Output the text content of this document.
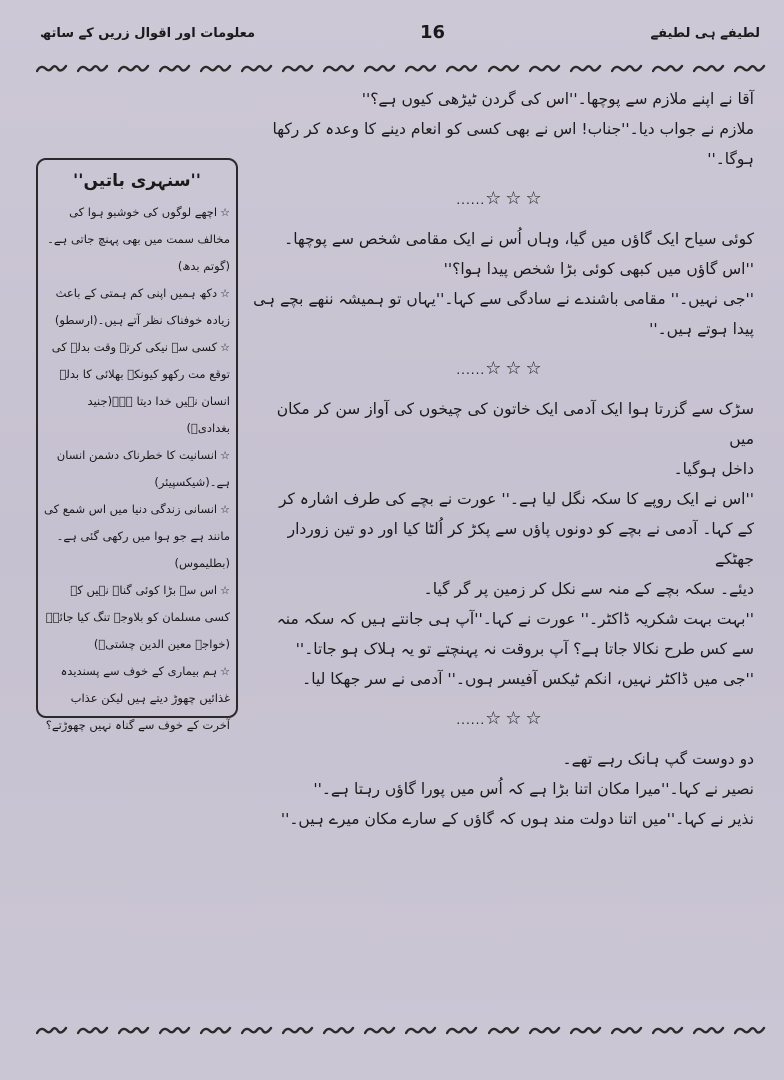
معلومات اور اقوال زریں کے ساتھ	16	لطیفے ہی لطیفے
''سنہری باتیں''
☆اچھے لوگوں کی خوشبو ہوا کی مخالف سمت میں بھی پہنچ جاتی ہے۔(گوتم بدھ)
☆دکھ ہمیں اپنی کم ہمتی کے باعث زیادہ خوفناک نظر آتے ہیں۔(ارسطو)
☆کسی سے نیکی کرتے وقت بدلے کی توقع مت رکھو کیونکہ بھلائی کا بدلہ انسان نہیں خدا دیتا ہے۔(جنید بغدادیؒ)
☆انسانیت کا خطرناک دشمن انسان ہے۔(شیکسپیئر)
☆انسانی زندگی دنیا میں اس شمع کی مانند ہے جو ہوا میں رکھی گئی ہے۔(بطلیموس)
☆اس سے بڑا کوئی گناہ نہیں کہ کسی مسلمان کو بلاوجہ تنگ کیا جائے۔(خواجہ معین الدین چشتیؒ)
☆ہم بیماری کے خوف سے پسندیدہ غذائیں چھوڑ دیتے ہیں لیکن عذاب آخرت کے خوف سے گناہ نہیں چھوڑتے؟

آقا نے اپنے ملازم سے پوچھا۔''اس کی گردن ٹیڑھی کیوں ہے؟''

ملازم نے جواب دیا۔''جناب! اس نے بھی کسی کو انعام دینے کا وعدہ کر رکھا

ہوگا۔''

......☆☆☆

کوئی سیاح ایک گاؤں میں گیا، وہاں اُس نے ایک مقامی شخص سے پوچھا۔

''اس گاؤں میں کبھی کوئی بڑا شخص پیدا ہوا؟''

''جی نہیں۔'' مقامی باشندے نے سادگی سے کہا۔''یہاں تو ہمیشہ ننھے بچے ہی

پیدا ہوتے ہیں۔''

......☆☆☆

سڑک سے گزرتا ہوا ایک آدمی ایک خاتون کی چیخوں کی آواز سن کر مکان میں

داخل ہوگیا۔

''اس نے ایک روپے کا سکہ نگل لیا ہے۔'' عورت نے بچے کی طرف اشارہ کر

کے کہا۔ آدمی نے بچے کو دونوں پاؤں سے پکڑ کر اُلٹا کیا اور دو تین زوردار جھٹکے

دیئے۔ سکہ بچے کے منہ سے نکل کر زمین پر گر گیا۔

''بہت بہت شکریہ ڈاکٹر۔'' عورت نے کہا۔''آپ ہی جانتے ہیں کہ سکہ منہ

سے کس طرح نکالا جاتا ہے؟ آپ بروقت نہ پہنچتے تو یہ ہلاک ہو جاتا۔''

''جی میں ڈاکٹر نہیں، انکم ٹیکس آفیسر ہوں۔'' آدمی نے سر جھکا لیا۔

......☆☆☆

دو دوست گپ ہانک رہے تھے۔

نصیر نے کہا۔''میرا مکان اتنا بڑا ہے کہ اُس میں پورا گاؤں رہتا ہے۔''

نذیر نے کہا۔''میں اتنا دولت مند ہوں کہ گاؤں کے سارے مکان میرے ہیں۔''
